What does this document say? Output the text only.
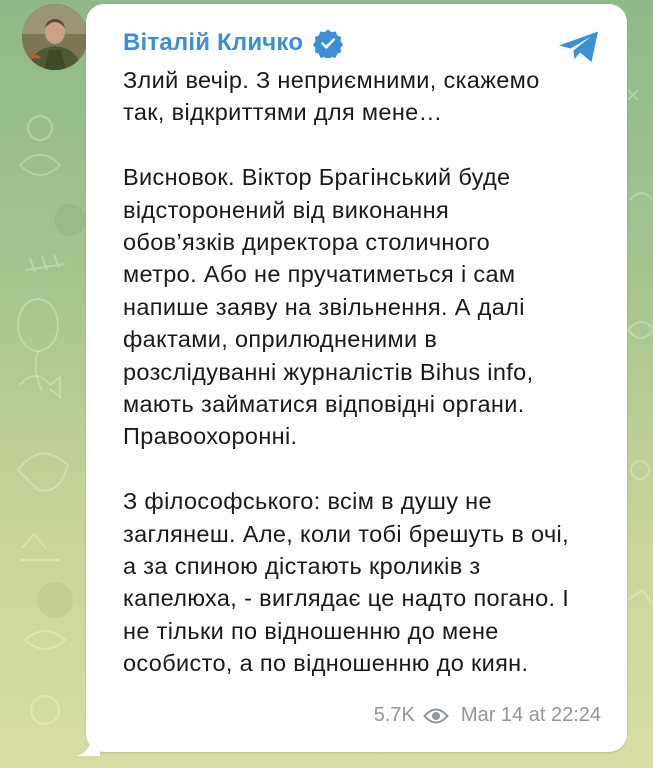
Віталій Кличко

Злий вечір. З неприємними, скажемо
так, відкриттями для мене…

Висновок. Віктор Брагінський буде
відсторонений від виконання
обов’язків директора столичного
метро. Або не пручатиметься і сам
напише заяву на звільнення. А далі
фактами, оприлюдненими в
розслідуванні журналістів Bihus info,
мають займатися відповідні органи.
Правоохоронні.

З філософського: всім в душу не
заглянеш. Але, коли тобі брешуть в очі,
а за спиною дістають кроликів з
капелюха, - виглядає це надто погано. І
не тільки по відношенню до мене
особисто, а по відношенню до киян.

5.7K Mar 14 at 22:24
